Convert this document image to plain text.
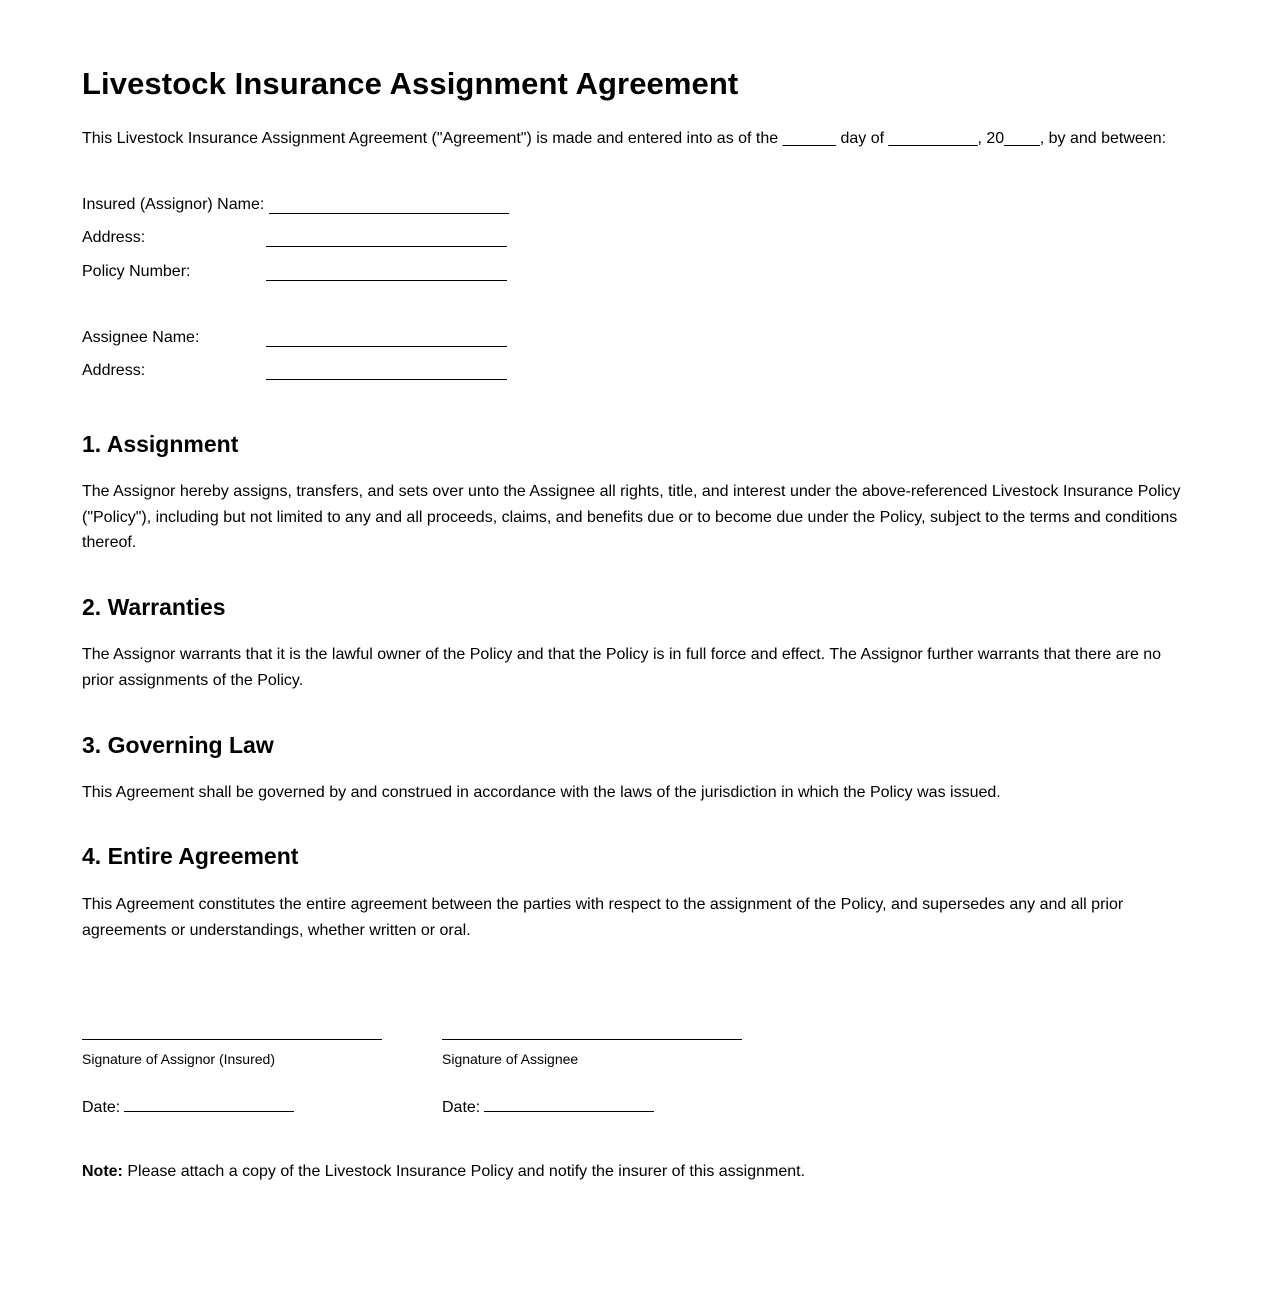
Livestock Insurance Assignment Agreement
This Livestock Insurance Assignment Agreement ("Agreement") is made and entered into as of the ______ day of __________, 20____, by and between:
Insured (Assignor) Name:
Address:
Policy Number:
Assignee Name:
Address:
1. Assignment

The Assignor hereby assigns, transfers, and sets over unto the Assignee all rights, title, and interest under the above-referenced Livestock Insurance Policy ("Policy"), including but not limited to any and all proceeds, claims, and benefits due or to become due under the Policy, subject to the terms and conditions thereof.

2. Warranties

The Assignor warrants that it is the lawful owner of the Policy and that the Policy is in full force and effect. The Assignor further warrants that there are no prior assignments of the Policy.

3. Governing Law

This Agreement shall be governed by and construed in accordance with the laws of the jurisdiction in which the Policy was issued.

4. Entire Agreement

This Agreement constitutes the entire agreement between the parties with respect to the assignment of the Policy, and supersedes any and all prior agreements or understandings, whether written or oral.

Signature of Assignor (Insured)	Signature of Assignee
Date:	Date:
Note: Please attach a copy of the Livestock Insurance Policy and notify the insurer of this assignment.
